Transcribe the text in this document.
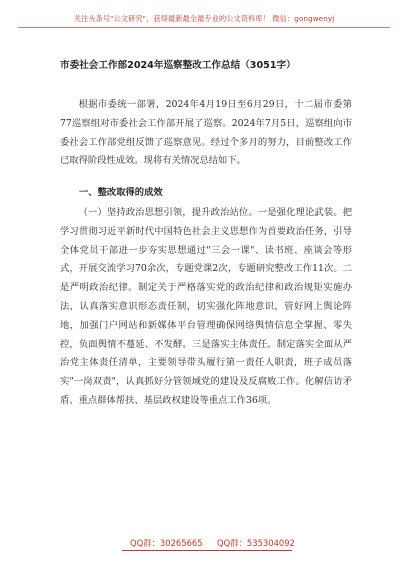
关注头条号"公文研究"，获得最新最全最专业的公文资料库！ 微信：gongwenyj
市委社会工作部2024年巡察整改工作总结（3051字）

根据市委统一部署，2024年4月19日至6月29日，十二届市委第77巡察组对市委社会工作部开展了巡察。2024年7月5日，巡察组向市委社会工作部党组反馈了巡察意见。经过个多月的努力，目前整改工作已取得阶段性成效。现将有关情况总结如下。

一、整改取得的成效

（一）坚持政治思想引领，提升政治站位。一是强化理论武装。把学习贯彻习近平新时代中国特色社会主义思想作为首要政治任务，引导全体党员干部进一步夯实思想通过"三会一课"、读书班、座谈会等形式，开展交流学习70余次，专题党课2次，专题研究整改工作11次。二是严明政治纪律。制定关于严格落实党的政治纪律和政治规矩实施办法，认真落实意识形态责任制，切实强化阵地意识，管好网上舆论阵地，加强门户网站和新媒体平台管理确保网络舆情信息全掌握、零失控，负面舆情不蔓延、不发酵。三是落实主体责任。制定落实全面从严治党主体责任清单，主要领导带头履行第一责任人职责，班子成员落实"一岗双责"，认真抓好分管领域党的建设及反腐败工作。化解信访矛盾、重点群体帮扶、基层政权建设等重点工作36项。

QQ群：30265665 QQ群：535304092
